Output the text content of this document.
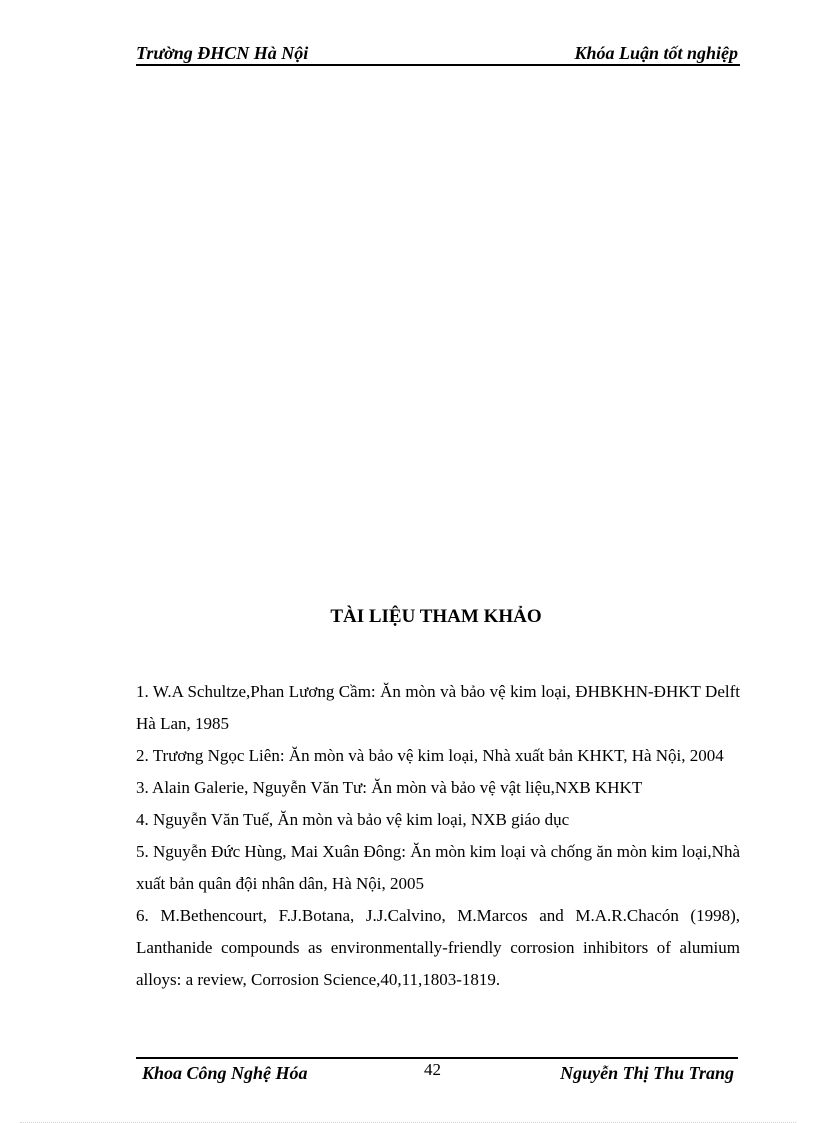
Trường ĐHCN Hà Nội	Khóa Luận tốt nghiệp
TÀI LIỆU THAM KHẢO
1. W.A Schultze,Phan Lương Cầm: Ăn mòn và bảo vệ kim loại, ĐHBKHN-ĐHKT Delft Hà Lan, 1985
2. Trương Ngọc Liên: Ăn mòn và bảo vệ kim loại, Nhà xuất bản KHKT, Hà Nội, 2004
3. Alain Galerie, Nguyễn Văn Tư: Ăn mòn và bảo vệ vật liệu,NXB KHKT
4. Nguyễn Văn Tuế, Ăn mòn và bảo vệ kim loại, NXB giáo dục
5. Nguyễn Đức Hùng, Mai Xuân Đông: Ăn mòn kim loại và chống ăn mòn kim loại,Nhà xuất bản quân đội nhân dân, Hà Nội, 2005
6. M.Bethencourt, F.J.Botana, J.J.Calvino, M.Marcos and M.A.R.Chacón (1998), Lanthanide compounds as environmentally-friendly corrosion inhibitors of alumium alloys: a review, Corrosion Science,40,11,1803-1819.
Khoa Công Nghệ Hóa	42	Nguyễn Thị Thu Trang
